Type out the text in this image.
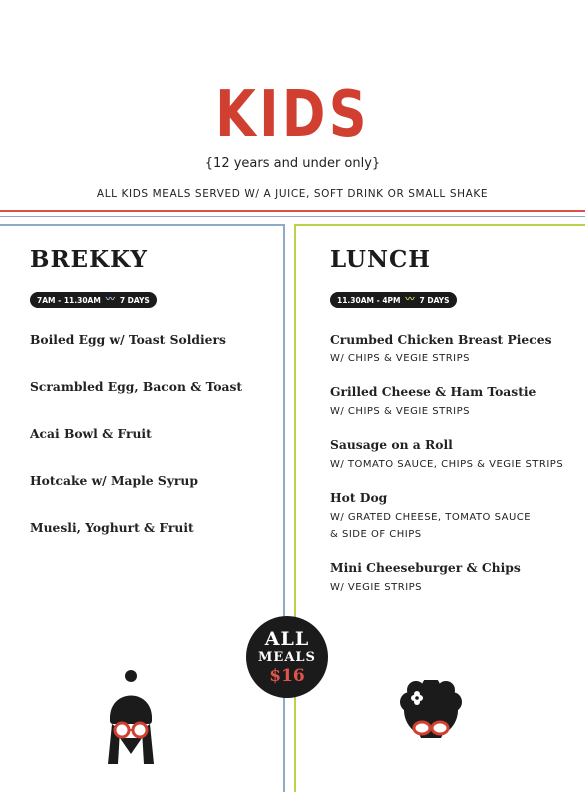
KIDS
{12 years and under only}
ALL KIDS MEALS SERVED W/ A JUICE, SOFT DRINK OR SMALL SHAKE
BREKKY
7AM - 11.30AM 〰 7 DAYS
Boiled Egg w/ Toast Soldiers
Scrambled Egg, Bacon & Toast
Acai Bowl & Fruit
Hotcake w/ Maple Syrup
Muesli, Yoghurt & Fruit
LUNCH
11.30AM - 4PM 〰 7 DAYS
Crumbed Chicken Breast Pieces
W/ CHIPS & VEGIE STRIPS
Grilled Cheese & Ham Toastie
W/ CHIPS & VEGIE STRIPS
Sausage on a Roll
W/ TOMATO SAUCE, CHIPS & VEGIE STRIPS
Hot Dog
W/ GRATED CHEESE, TOMATO SAUCE
& SIDE OF CHIPS
Mini Cheeseburger & Chips
W/ VEGIE STRIPS
ALL
MEALS
$16
